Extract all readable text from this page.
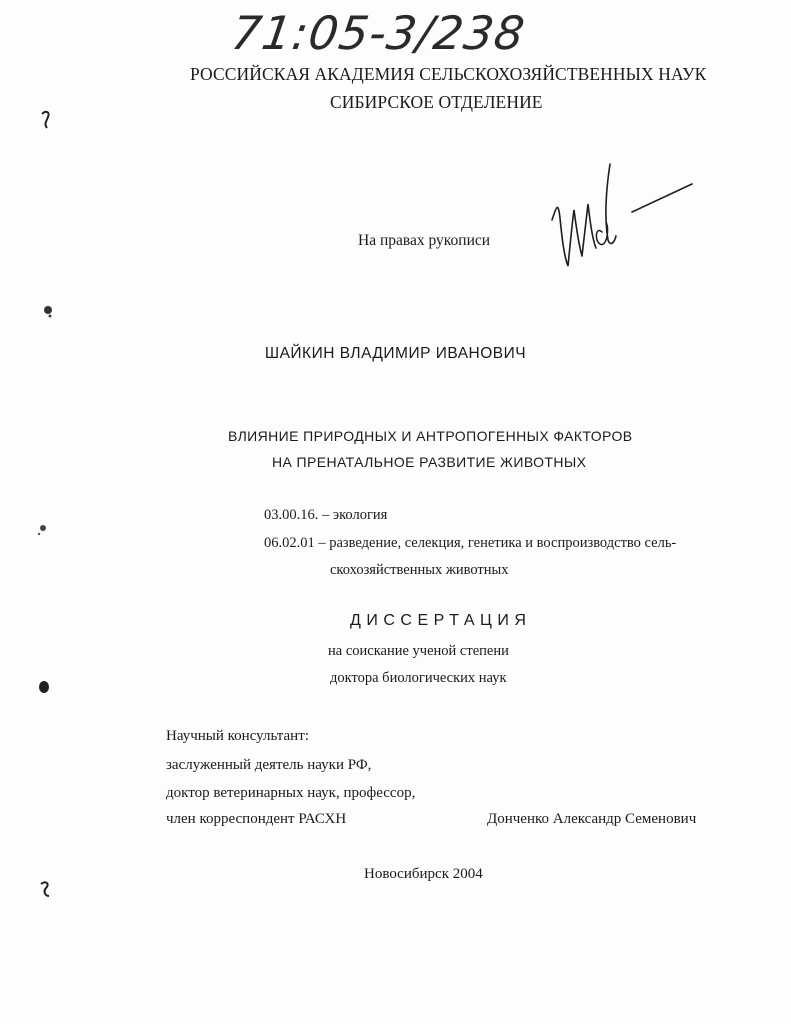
71:05-3/238
РОССИЙСКАЯ АКАДЕМИЯ СЕЛЬСКОХОЗЯЙСТВЕННЫХ НАУК
СИБИРСКОЕ ОТДЕЛЕНИЕ
На правах рукописи
ШАЙКИН ВЛАДИМИР ИВАНОВИЧ
ВЛИЯНИЕ ПРИРОДНЫХ И АНТРОПОГЕННЫХ ФАКТОРОВ
НА ПРЕНАТАЛЬНОЕ РАЗВИТИЕ ЖИВОТНЫХ
03.00.16. – экология
06.02.01 – разведение, селекция, генетика и воспроизводство сель-
скохозяйственных животных
ДИССЕРТАЦИЯ
на соискание ученой степени
доктора биологических наук
Научный консультант:
заслуженный деятель науки РФ,
доктор ветеринарных наук, профессор,
член корреспондент РАСХН	Донченко Александр Семенович
Новосибирск 2004
